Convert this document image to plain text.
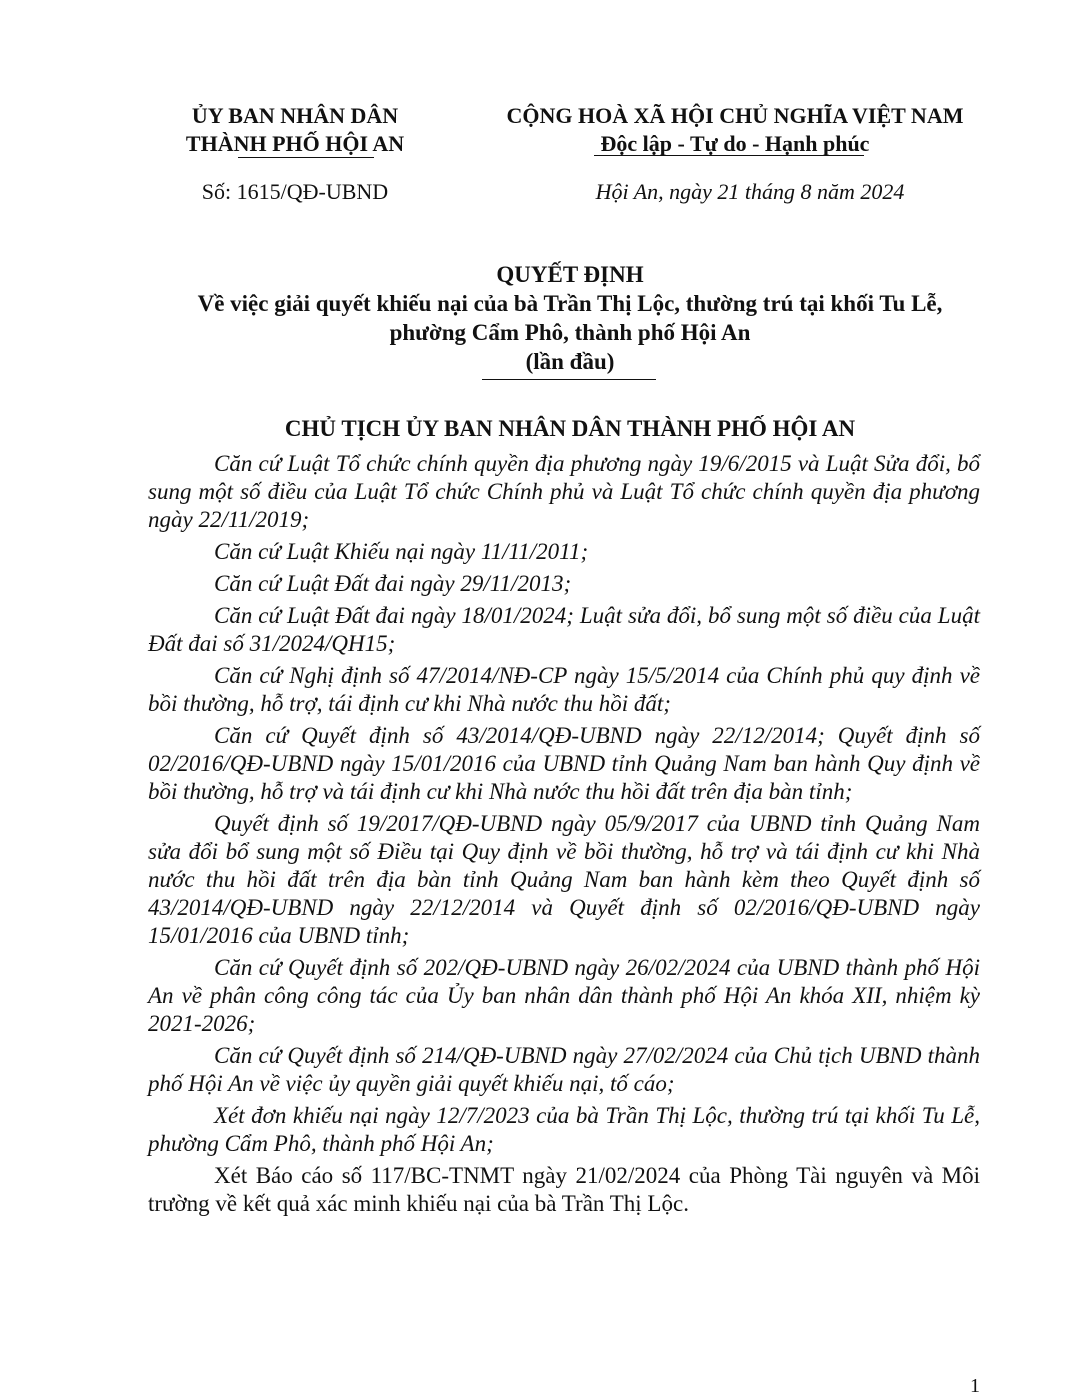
ỦY BAN NHÂN DÂN
THÀNH PHỐ HỘI AN
CỘNG HOÀ XÃ HỘI CHỦ NGHĨA VIỆT NAM
Độc lập - Tự do - Hạnh phúc
Số: 1615/QĐ-UBND	Hội An, ngày 21 tháng 8 năm 2024
QUYẾT ĐỊNH
Về việc giải quyết khiếu nại của bà Trần Thị Lộc, thường trú tại khối Tu Lễ,
phường Cẩm Phô, thành phố Hội An
(lần đầu)
CHỦ TỊCH ỦY BAN NHÂN DÂN THÀNH PHỐ HỘI AN

Căn cứ Luật Tổ chức chính quyền địa phương ngày 19/6/2015 và Luật Sửa đổi, bổ sung một số điều của Luật Tổ chức Chính phủ và Luật Tổ chức chính quyền địa phương ngày 22/11/2019;

Căn cứ Luật Khiếu nại ngày 11/11/2011;

Căn cứ Luật Đất đai ngày 29/11/2013;

Căn cứ Luật Đất đai ngày 18/01/2024; Luật sửa đổi, bổ sung một số điều của Luật Đất đai số 31/2024/QH15;

Căn cứ Nghị định số 47/2014/NĐ-CP ngày 15/5/2014 của Chính phủ quy định về bồi thường, hỗ trợ, tái định cư khi Nhà nước thu hồi đất;

Căn cứ Quyết định số 43/2014/QĐ-UBND ngày 22/12/2014; Quyết định số 02/2016/QĐ-UBND ngày 15/01/2016 của UBND tỉnh Quảng Nam ban hành Quy định về bồi thường, hỗ trợ và tái định cư khi Nhà nước thu hồi đất trên địa bàn tỉnh;

Quyết định số 19/2017/QĐ-UBND ngày 05/9/2017 của UBND tỉnh Quảng Nam sửa đổi bổ sung một số Điều tại Quy định về bồi thường, hỗ trợ và tái định cư khi Nhà nước thu hồi đất trên địa bàn tỉnh Quảng Nam ban hành kèm theo Quyết định số 43/2014/QĐ-UBND ngày 22/12/2014 và Quyết định số 02/2016/QĐ-UBND ngày 15/01/2016 của UBND tỉnh;

Căn cứ Quyết định số 202/QĐ-UBND ngày 26/02/2024 của UBND thành phố Hội An về phân công công tác của Ủy ban nhân dân thành phố Hội An khóa XII, nhiệm kỳ 2021-2026;

Căn cứ Quyết định số 214/QĐ-UBND ngày 27/02/2024 của Chủ tịch UBND thành phố Hội An về việc ủy quyền giải quyết khiếu nại, tố cáo;

Xét đơn khiếu nại ngày 12/7/2023 của bà Trần Thị Lộc, thường trú tại khối Tu Lễ, phường Cẩm Phô, thành phố Hội An;

Xét Báo cáo số 117/BC-TNMT ngày 21/02/2024 của Phòng Tài nguyên và Môi trường về kết quả xác minh khiếu nại của bà Trần Thị Lộc.

1
